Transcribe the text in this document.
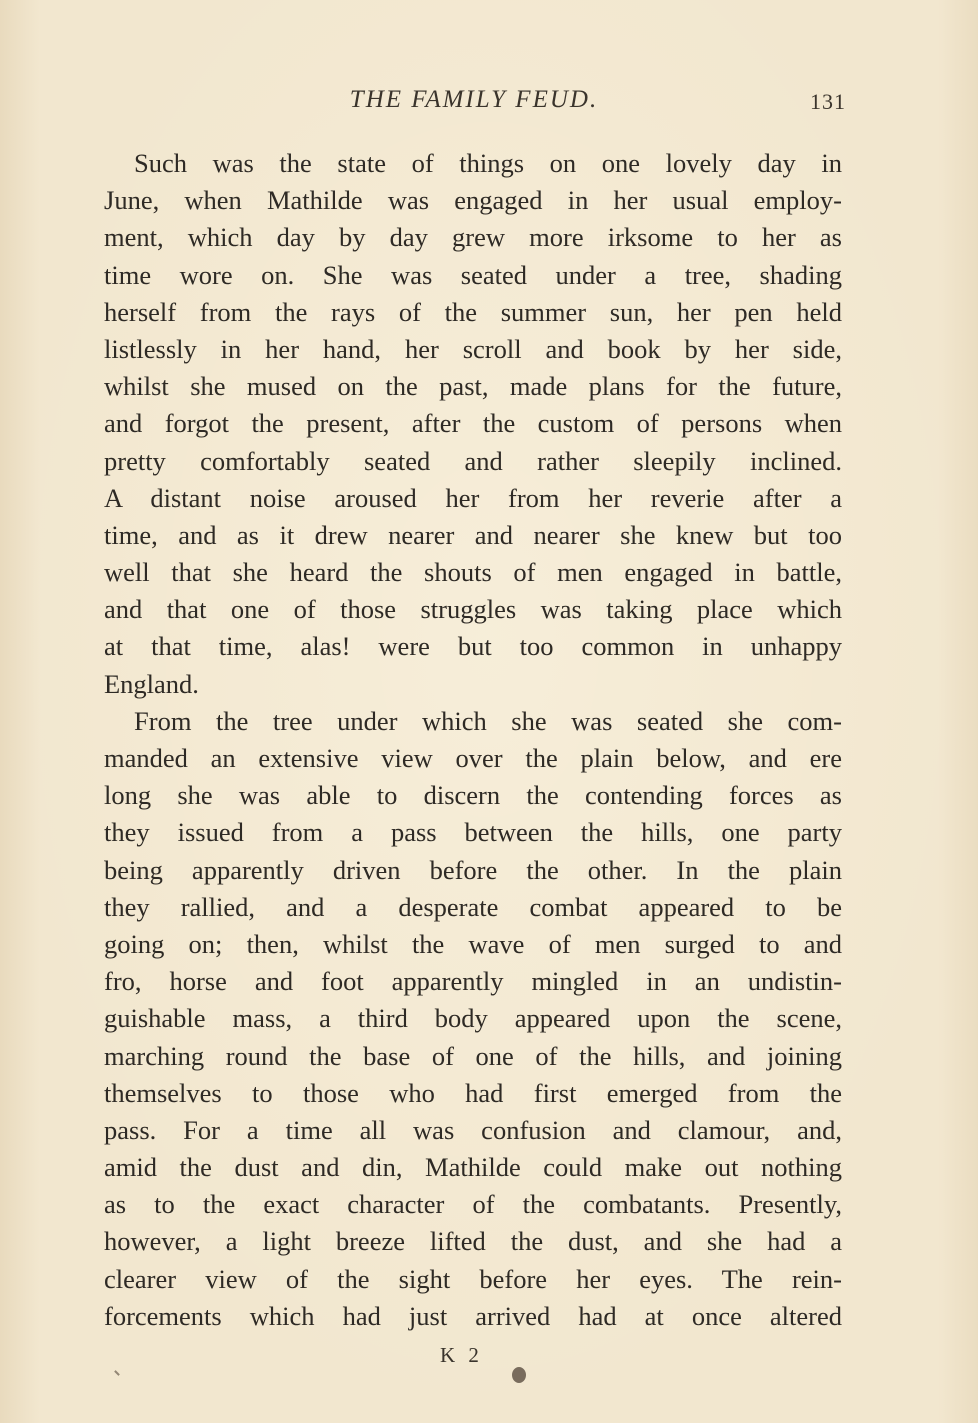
THE FAMILY FEUD.	131
Such was the state of things on one lovely day in
June, when Mathilde was engaged in her usual employ-
ment, which day by day grew more irksome to her as
time wore on. She was seated under a tree, shading
herself from the rays of the summer sun, her pen held
listlessly in her hand, her scroll and book by her side,
whilst she mused on the past, made plans for the future,
and forgot the present, after the custom of persons when
pretty comfortably seated and rather sleepily inclined.
A distant noise aroused her from her reverie after a
time, and as it drew nearer and nearer she knew but too
well that she heard the shouts of men engaged in battle,
and that one of those struggles was taking place which
at that time, alas! were but too common in unhappy
England.
From the tree under which she was seated she com-
manded an extensive view over the plain below, and ere
long she was able to discern the contending forces as
they issued from a pass between the hills, one party
being apparently driven before the other. In the plain
they rallied, and a desperate combat appeared to be
going on; then, whilst the wave of men surged to and
fro, horse and foot apparently mingled in an undistin-
guishable mass, a third body appeared upon the scene,
marching round the base of one of the hills, and joining
themselves to those who had first emerged from the
pass. For a time all was confusion and clamour, and,
amid the dust and din, Mathilde could make out nothing
as to the exact character of the combatants. Presently,
however, a light breeze lifted the dust, and she had a
clearer view of the sight before her eyes. The rein-
forcements which had just arrived had at once altered
K 2
